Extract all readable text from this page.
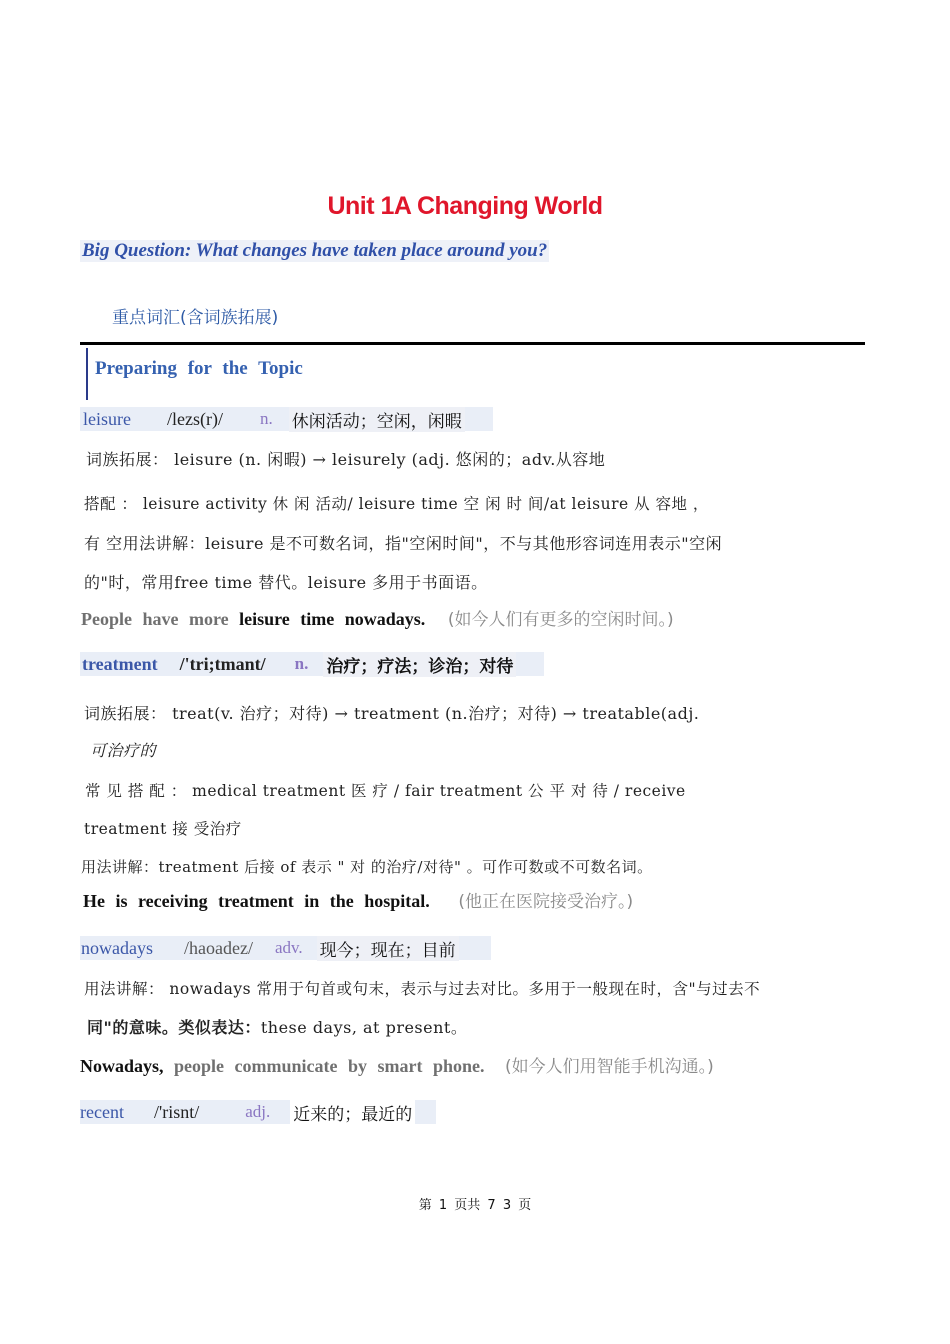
Unit 1A Changing World
Big Question: What changes have taken place around you?
重点词汇(含词族拓展)
Preparing for the Topic
leisure /lezs(r)/ n. 休闲活动；空闲，闲暇
词族拓展： leisure (n. 闲暇) → leisurely (adj. 悠闲的；adv.从容地
搭配 ： leisure activity 休 闲 活动/ leisure time 空 闲 时 间/at leisure 从 容地 ，
有 空用法讲解：leisure 是不可数名词，指"空闲时间"，不与其他形容词连用表示"空闲
的"时，常用free time 替代。leisure 多用于书面语。
People have more leisure time nowadays. (如今人们有更多的空闲时间。)
treatment /'tri;tmant/ n. 治疗；疗法；诊治；对待
词族拓展： treat(v. 治疗；对待) → treatment (n.治疗；对待) → treatable(adj.
可治疗的
常 见 搭 配 ： medical treatment 医 疗 / fair treatment 公 平 对 待 / receive
treatment 接 受治疗
用法讲解：treatment 后接 of 表示 " 对 的治疗/对待" 。可作可数或不可数名词。
He is receiving treatment in the hospital. (他正在医院接受治疗。)
nowadays /haoadez/ adv. 现今；现在；目前
用法讲解： nowadays 常用于句首或句末，表示与过去对比。多用于一般现在时，含"与过去不
同"的意味。类似表达：these days, at present。
Nowadays, people communicate by smart phone. (如今人们用智能手机沟通。)
recent /'risnt/	adj. 近来的；最近的
第 1 页共 7 3 页
